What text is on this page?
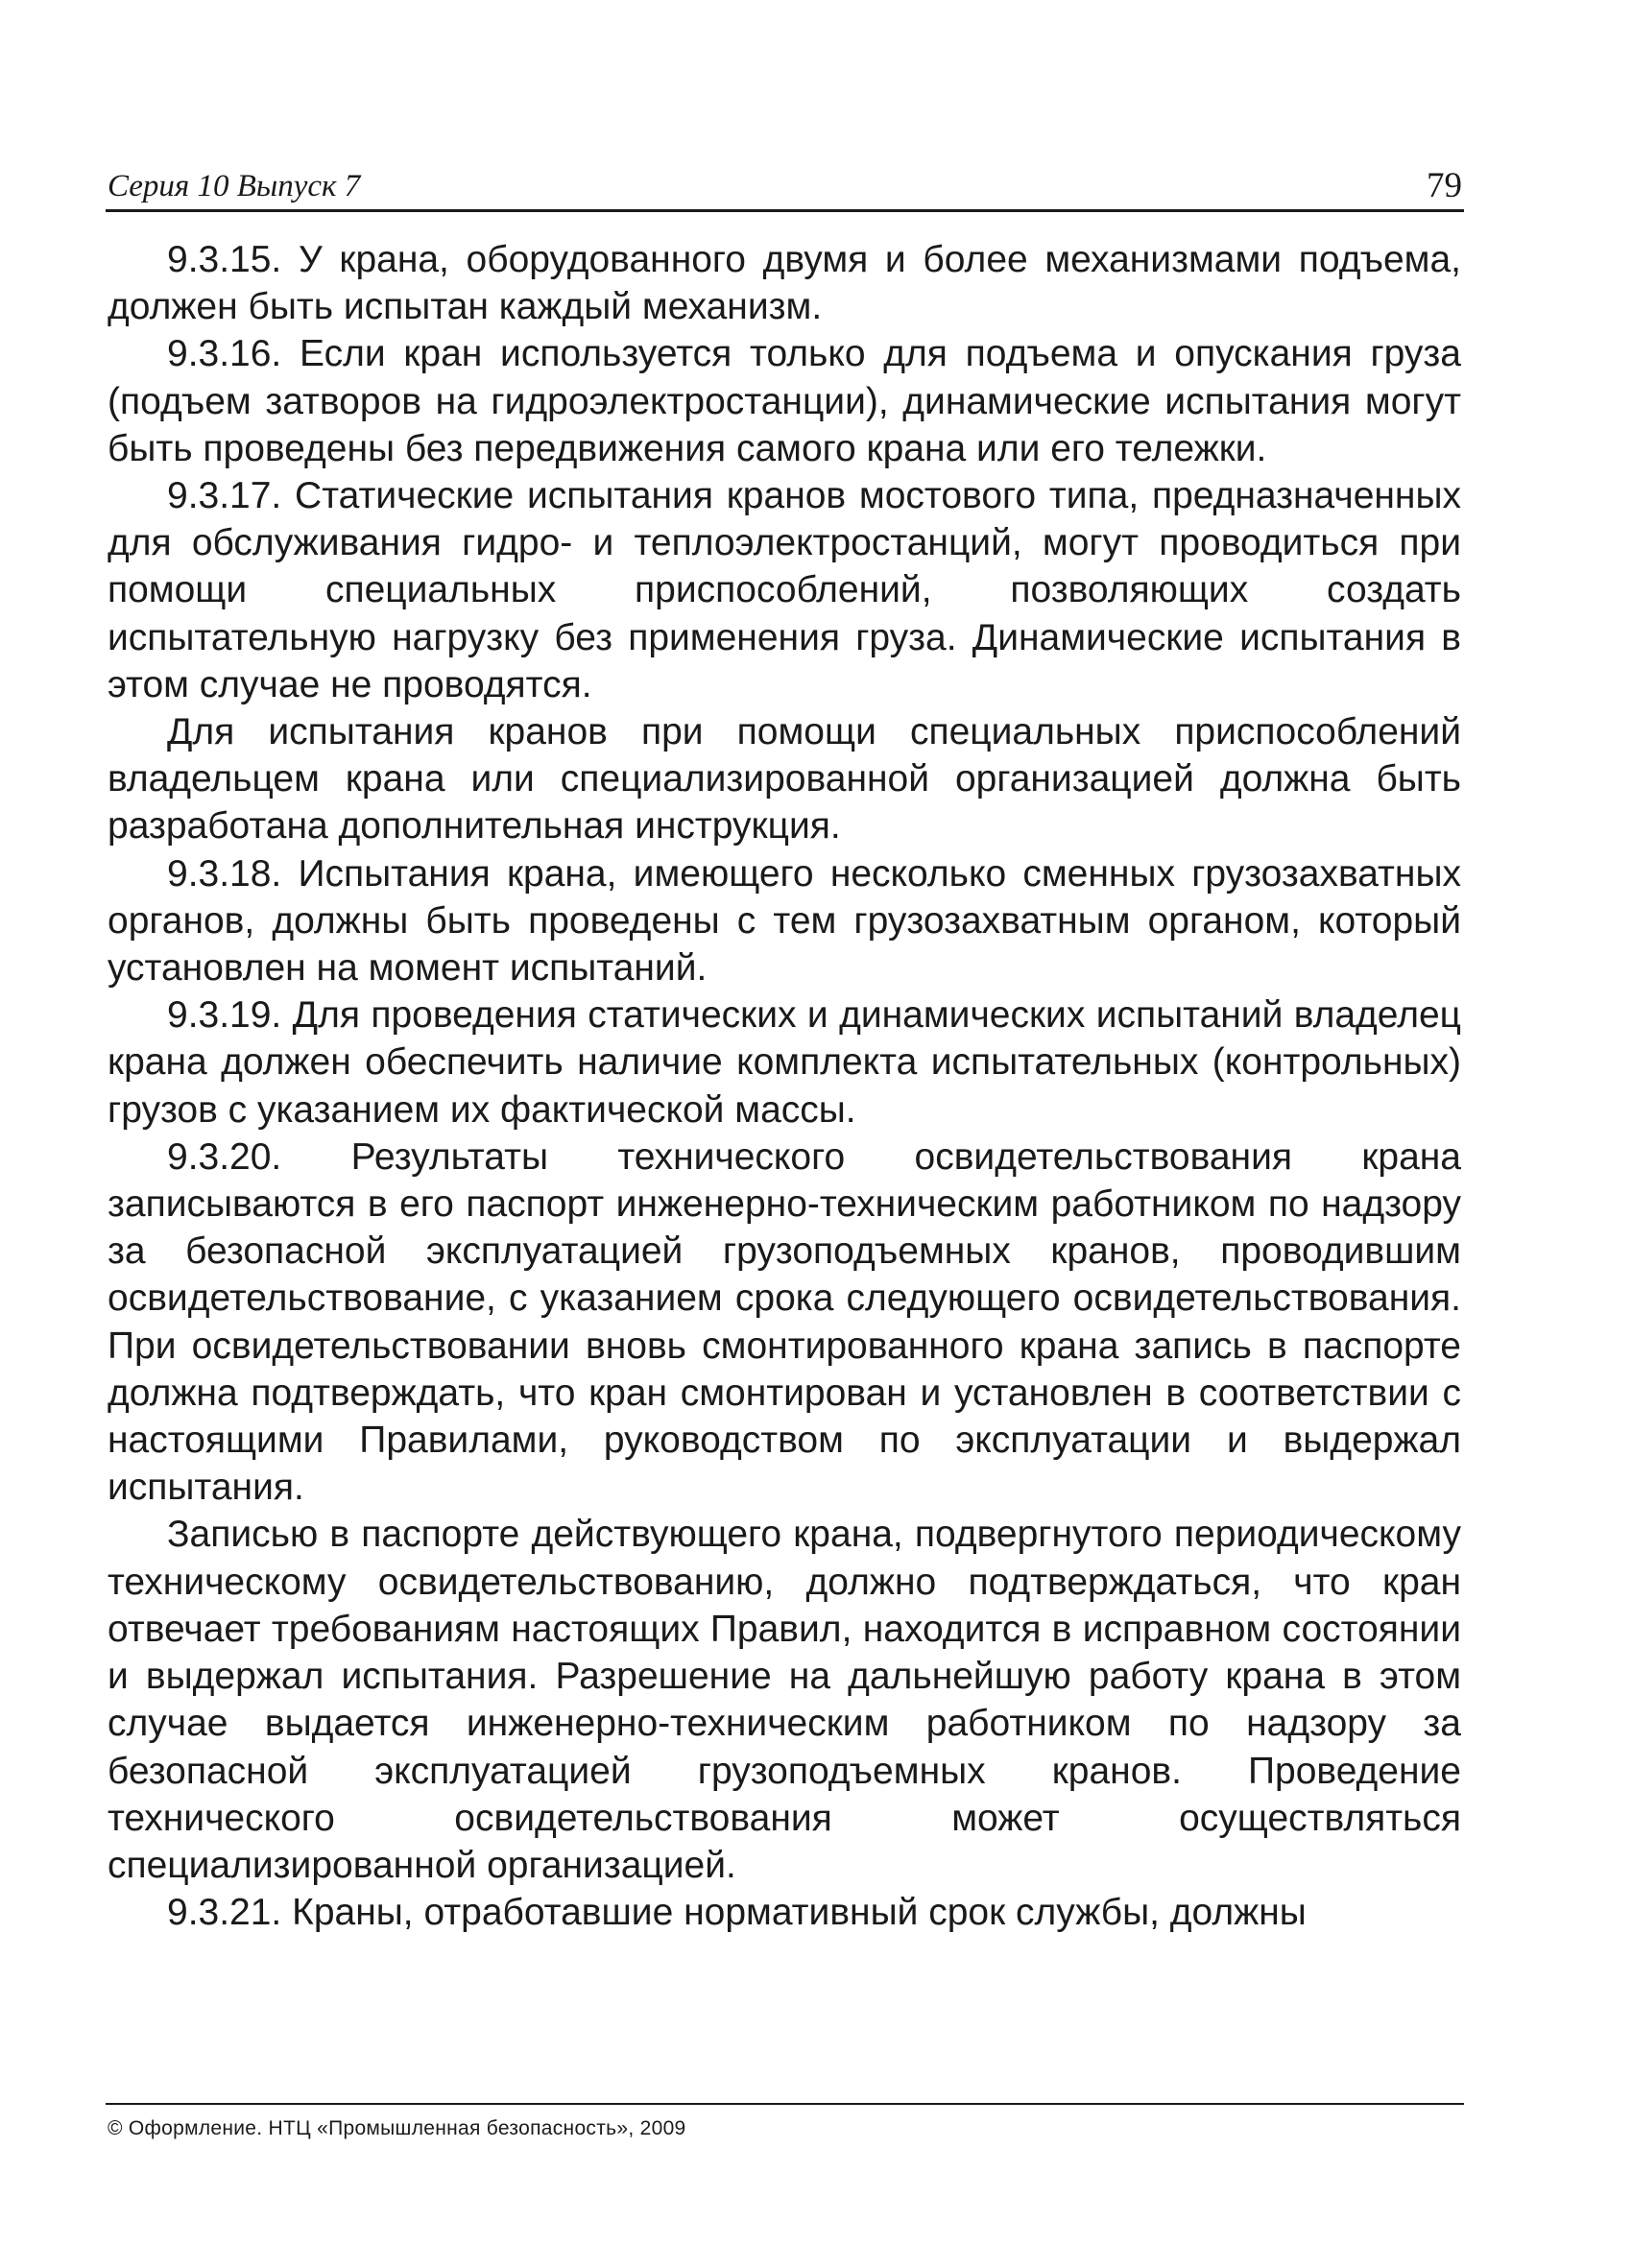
Серия 10 Выпуск 7	79

9.3.15. У крана, оборудованного двумя и более механизмами подъема, должен быть испытан каждый механизм.

9.3.16. Если кран используется только для подъема и опускания груза (подъем затворов на гидроэлектростанции), динамические испытания могут быть проведены без передвижения самого крана или его тележки.

9.3.17. Статические испытания кранов мостового типа, предназначенных для обслуживания гидро- и теплоэлектростанций, могут проводиться при помощи специальных приспособлений, позволяющих создать испытательную нагрузку без применения груза. Динамические испытания в этом случае не проводятся.

Для испытания кранов при помощи специальных приспособлений владельцем крана или специализированной организацией должна быть разработана дополнительная инструкция.

9.3.18. Испытания крана, имеющего несколько сменных грузозахватных органов, должны быть проведены с тем грузозахватным органом, который установлен на момент испытаний.

9.3.19. Для проведения статических и динамических испытаний владелец крана должен обеспечить наличие комплекта испытательных (контрольных) грузов с указанием их фактической массы.

9.3.20. Результаты технического освидетельствования крана записываются в его паспорт инженерно-техническим работником по надзору за безопасной эксплуатацией грузоподъемных кранов, проводившим освидетельствование, с указанием срока следующего освидетельствования. При освидетельствовании вновь смонтированного крана запись в паспорте должна подтверждать, что кран смонтирован и установлен в соответствии с настоящими Правилами, руководством по эксплуатации и выдержал испытания.

Записью в паспорте действующего крана, подвергнутого периодическому техническому освидетельствованию, должно подтверждаться, что кран отвечает требованиям настоящих Правил, находится в исправном состоянии и выдержал испытания. Разрешение на дальнейшую работу крана в этом случае выдается инженерно-техническим работником по надзору за безопасной эксплуатацией грузоподъемных кранов. Проведение технического освидетельствования может осуществляться специализированной организацией.

9.3.21. Краны, отработавшие нормативный срок службы, должны

© Оформление. НТЦ «Промышленная безопасность», 2009
